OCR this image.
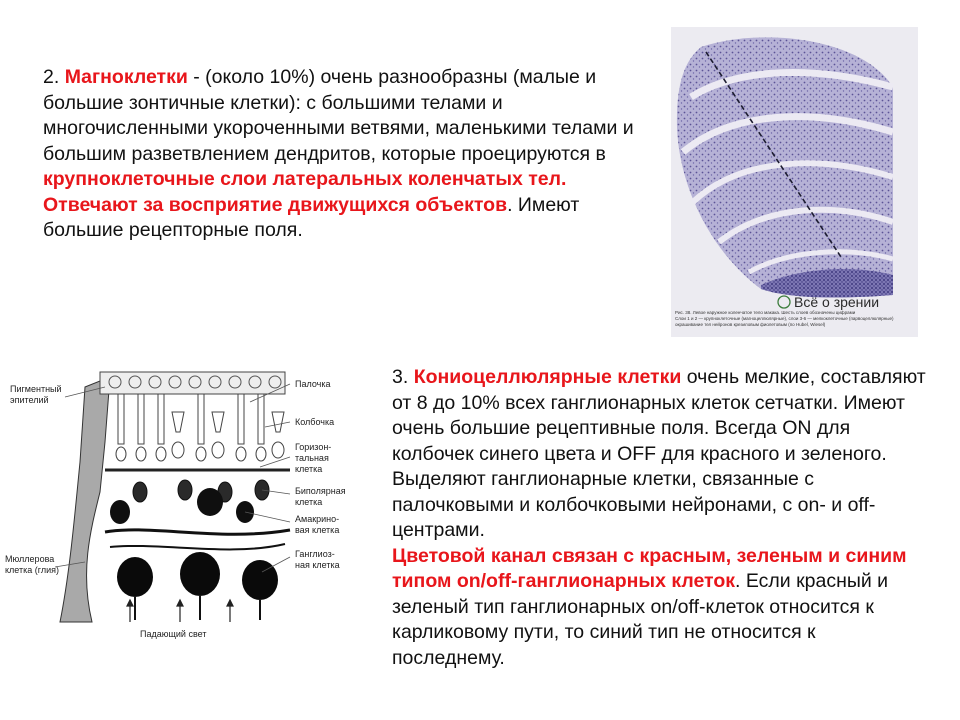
2. Магноклетки - (около 10%) очень разнообразны (малые и большие зонтичные клетки): с большими телами и многочисленными укороченными ветвями, маленькими телами и большим разветвлением дендритов, которые проецируются в крупноклеточные слои латеральных коленчатых тел. Отвечают за восприятие движущихся объектов. Имеют большие рецепторные поля.
Всё о зрении
Рис. 38. Левое наружное коленчатое тело макака. Шесть слоев обозначены цифрами
Слои 1 и 2 — крупноклеточные (магноцеллюлярные), слои 3-6 — мелкоклеточные (парвоцеллюлярные)
окрашивание тел нейронов крезиловым фиолетовым (по Hubel, Wiesel)
Пигментный
эпителий
Палочка
Колбочка
Горизон-
тальная
клетка
Биполярная
клетка
Амакрино-
вая клетка
Ганглиоз-
ная клетка
Мюллерова
клетка (глия)
Падающий свет

3. Кониоцеллюлярные клетки очень мелкие, составляют от 8 до 10% всех ганглионарных клеток сетчатки. Имеют очень большие рецептивные поля. Всегда ON для колбочек синего цвета и OFF для красного и зеленого.

Выделяют ганглионарные клетки, связанные с палочковыми и колбочковыми нейронами, с on- и off-центрами.

Цветовой канал связан с красным, зеленым и синим типом on/off-ганглионарных клеток. Если красный и зеленый тип ганглионарных on/off-клеток относится к карликовому пути, то синий тип не относится к последнему.
